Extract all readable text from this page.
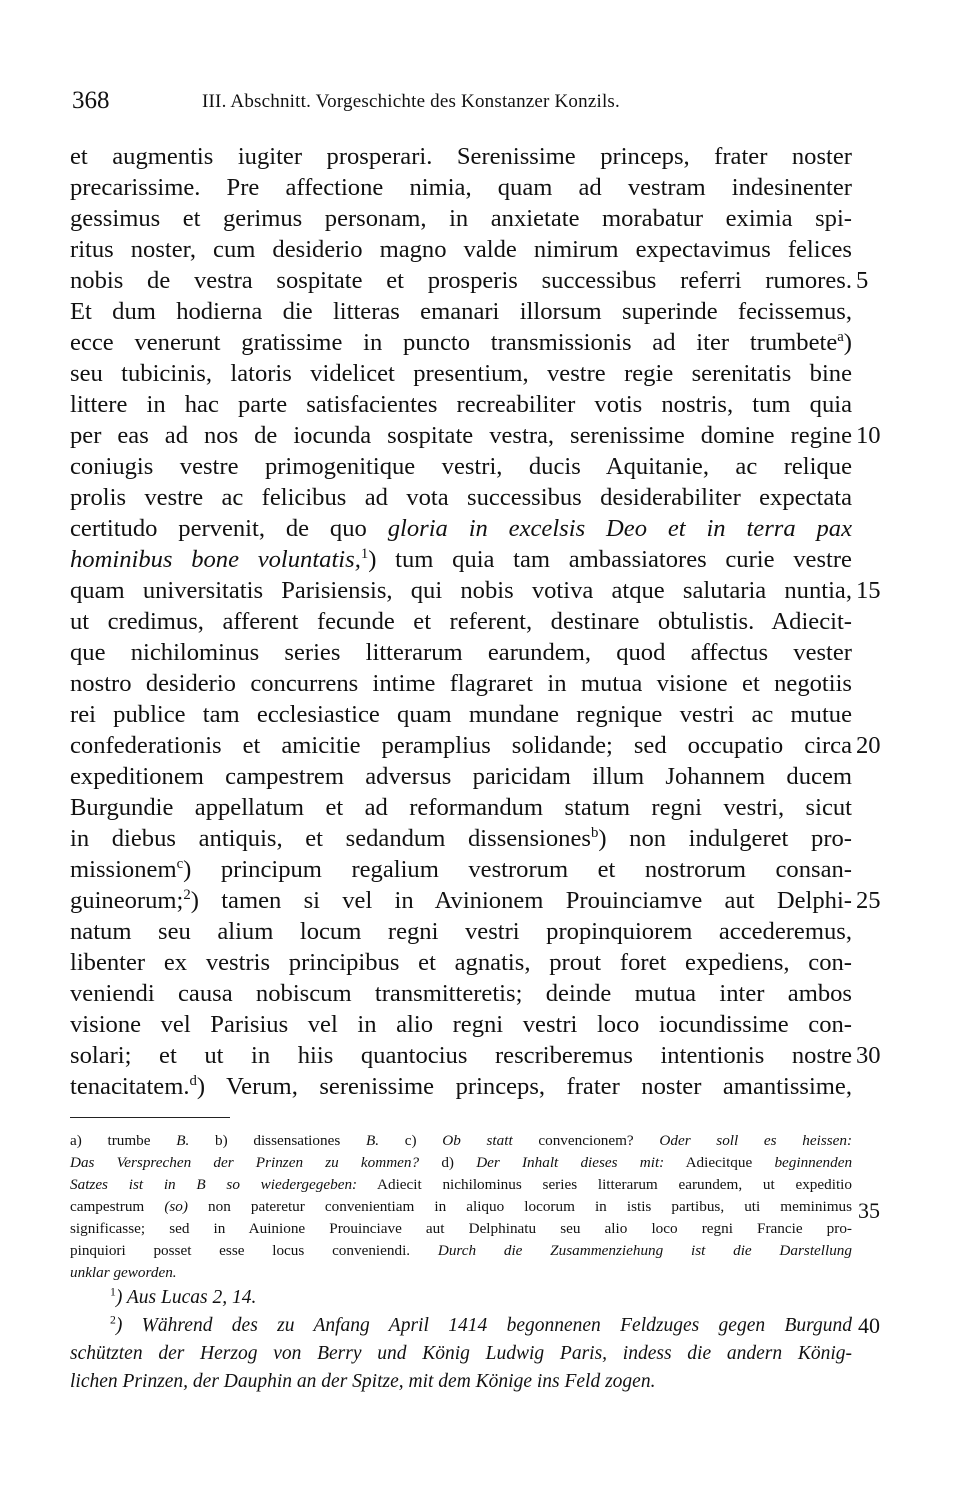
368	III. Abschnitt. Vorgeschichte des Konstanzer Konzils.
et augmentis iugiter prosperari. Serenissime princeps, frater noster
precarissime. Pre affectione nimia, quam ad vestram indesinenter
gessimus et gerimus personam, in anxietate morabatur eximia spi-
ritus noster, cum desiderio magno valde nimirum expectavimus felices
nobis de vestra sospitate et prosperis successibus referri rumores.
Et dum hodierna die litteras emanari illorsum superinde fecissemus,
ecce venerunt gratissime in puncto transmissionis ad iter trumbete$^a$)
seu tubicinis, latoris videlicet presentium, vestre regie serenitatis bine
littere in hac parte satisfacientes recreabiliter votis nostris, tum quia
per eas ad nos de iocunda sospitate vestra, serenissime domine regine
coniugis vestre primogenitique vestri, ducis Aquitanie, ac relique
prolis vestre ac felicibus ad vota successibus desiderabiliter expectata
certitudo pervenit, de quo gloria in excelsis Deo et in terra pax
hominibus bone voluntatis,$^1$) tum quia tam ambassiatores curie vestre
quam universitatis Parisiensis, qui nobis votiva atque salutaria nuntia,
ut credimus, afferent fecunde et referent, destinare obtulistis. Adiecit-
que nichilominus series litterarum earundem, quod affectus vester
nostro desiderio concurrens intime flagraret in mutua visione et negotiis
rei publice tam ecclesiastice quam mundane regnique vestri ac mutue
confederationis et amicitie peramplius solidande; sed occupatio circa
expeditionem campestrem adversus paricidam illum Johannem ducem
Burgundie appellatum et ad reformandum statum regni vestri, sicut
in diebus antiquis, et sedandum dissensiones$^b$) non indulgeret pro-
missionem$^c$) principum regalium vestrorum et nostrorum consan-
guineorum;$^2$) tamen si vel in Avinionem Prouinciamve aut Delphi-
natum seu alium locum regni vestri propinquiorem accederemus,
libenter ex vestris principibus et agnatis, prout foret expediens, con-
veniendi causa nobiscum transmitteretis; deinde mutua inter ambos
visione vel Parisius vel in alio regni vestri loco iocundissime con-
solari; et ut in hiis quantocius rescriberemus intentionis nostre
tenacitatem.$^d$) Verum, serenissime princeps, frater noster amantissime,
5
10
15
20
25
30
a) trumbe B. b) dissensationes B. c) Ob statt convencionem? Oder soll es heissen:
Das Versprechen der Prinzen zu kommen? d) Der Inhalt dieses mit: Adiecitque beginnenden
Satzes ist in B so wiedergegeben: Adiecit nichilominus series litterarum earundem, ut expeditio
campestrum (so) non pateretur convenientiam in aliquo locorum in istis partibus, uti meminimus
significasse; sed in Auinione Prouinciave aut Delphinatu seu alio loco regni Francie pro-
pinquiori posset esse locus conveniendi. Durch die Zusammenziehung ist die Darstellung
unklar geworden.
35
$^1$) Aus Lucas 2, 14.
$^2$) Während des zu Anfang April 1414 begonnenen Feldzuges gegen Burgund
schützten der Herzog von Berry und König Ludwig Paris, indess die andern König-
lichen Prinzen, der Dauphin an der Spitze, mit dem Könige ins Feld zogen.
40
